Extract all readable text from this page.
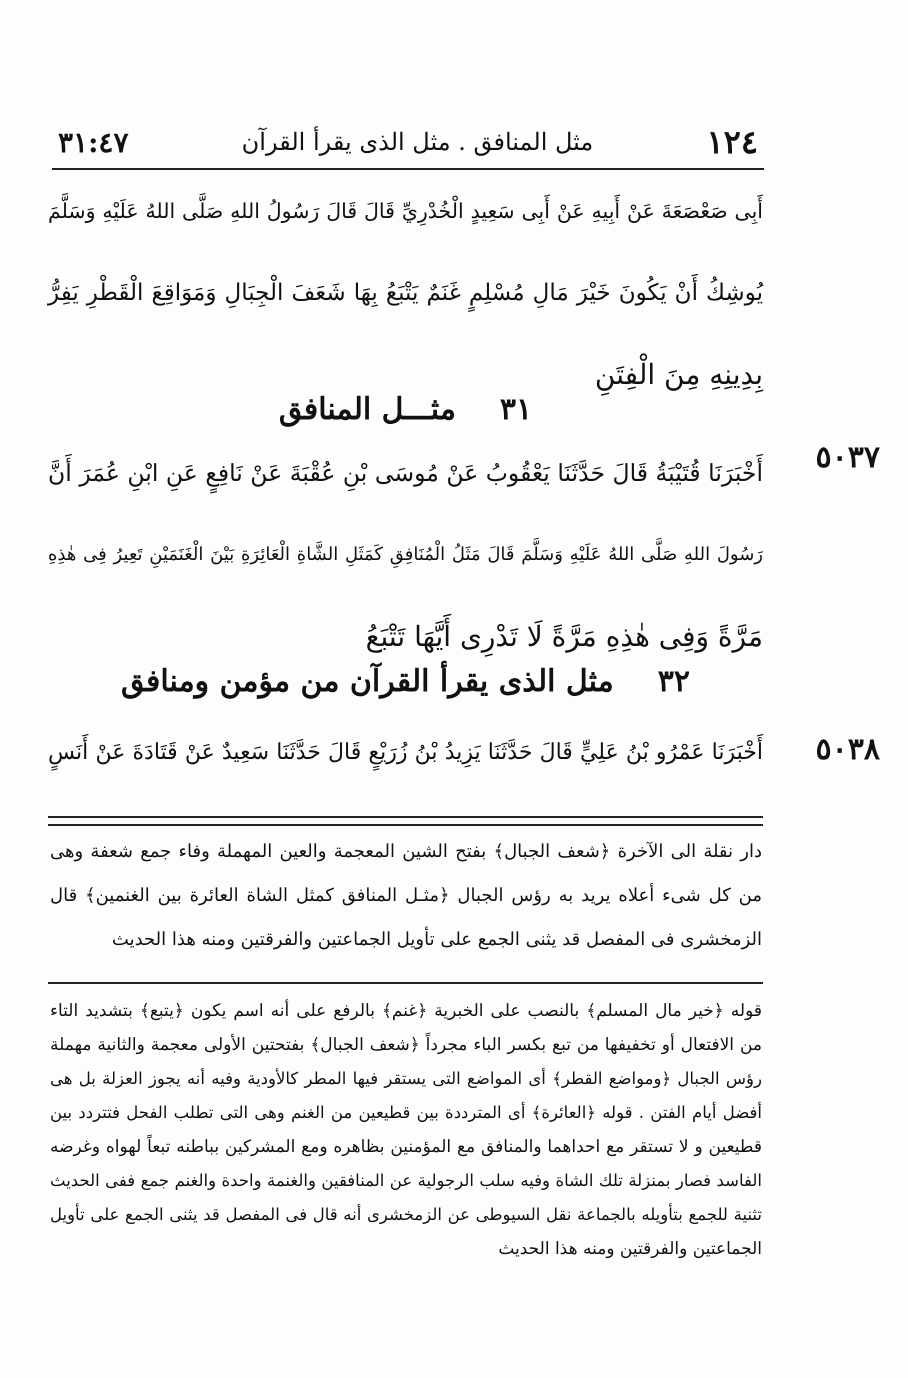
١٢٤
مثل المنافق . مثل الذى يقرأ القرآن
٣١:٤٧
أَبِى صَعْصَعَةَ عَنْ أَبِيهِ عَنْ أَبِى سَعِيدٍ الْخُدْرِيِّ قَالَ قَالَ رَسُولُ اللهِ صَلَّى اللهُ عَلَيْهِ وَسَلَّمَ
يُوشِكُ أَنْ يَكُونَ خَيْرَ مَالِ مُسْلِمٍ غَنَمٌ يَتْبَعُ بِهَا شَعَفَ الْجِبَالِ وَمَوَاقِعَ الْقَطْرِ يَفِرُّ
بِدِينِهِ مِنَ الْفِتَنِ
٣١مثـــل المنافق
٥٠٣٧
أَخْبَرَنَا قُتَيْبَةُ قَالَ حَدَّثَنَا يَعْقُوبُ عَنْ مُوسَى بْنِ عُقْبَةَ عَنْ نَافِعٍ عَنِ ابْنِ عُمَرَ أَنَّ
رَسُولَ اللهِ صَلَّى اللهُ عَلَيْهِ وَسَلَّمَ قَالَ مَثَلُ الْمُنَافِقِ كَمَثَلِ الشَّاةِ الْعَائِرَةِ بَيْنَ الْغَنَمَيْنِ تَعِيرُ فِى هٰذِهِ
مَرَّةً وَفِى هٰذِهِ مَرَّةً لَا تَدْرِى أَيَّهَا تَتْبَعُ
٣٢مثل الذى يقرأ القرآن من مؤمن ومنافق
٥٠٣٨
أَخْبَرَنَا عَمْرُو بْنُ عَلِيٍّ قَالَ حَدَّثَنَا يَزِيدُ بْنُ زُرَيْعٍ قَالَ حَدَّثَنَا سَعِيدٌ عَنْ قَتَادَةَ عَنْ أَنَسٍ
دار نقلة الى الآخرة ﴿شعف الجبال﴾ بفتح الشين المعجمة والعين المهملة وفاء جمع شعفة وهى
من كل شىء أعلاه يريد به رؤس الجبال ﴿مثـل المنافق كمثل الشاة العائرة بين الغنمين﴾ قال
الزمخشرى فى المفصل قد يثنى الجمع على تأويل الجماعتين والفرقتين ومنه هذا الحديث
قوله ﴿خير مال المسلم﴾ بالنصب على الخبرية ﴿غنم﴾ بالرفع على أنه اسم يكون ﴿يتبع﴾ بتشديد التاء
من الافتعال أو تخفيفها من تبع بكسر الباء مجرداً ﴿شعف الجبال﴾ بفتحتين الأولى معجمة والثانية مهملة
رؤس الجبال ﴿ومواضع القطر﴾ أى المواضع التى يستقر فيها المطر كالأودية وفيه أنه يجوز العزلة بل هى
أفضل أيام الفتن . قوله ﴿العائرة﴾ أى المترددة بين قطيعين من الغنم وهى التى تطلب الفحل فتتردد بين
قطيعين و لا تستقر مع احداهما والمنافق مع المؤمنين بظاهره ومع المشركين بباطنه تبعاً لهواه وغرضه
الفاسد فصار بمنزلة تلك الشاة وفيه سلب الرجولية عن المنافقين والغنمة واحدة والغنم جمع ففى الحديث
تثنية للجمع بتأويله بالجماعة نقل السيوطى عن الزمخشرى أنه قال فى المفصل قد يثنى الجمع على تأويل
الجماعتين والفرقتين ومنه هذا الحديث
